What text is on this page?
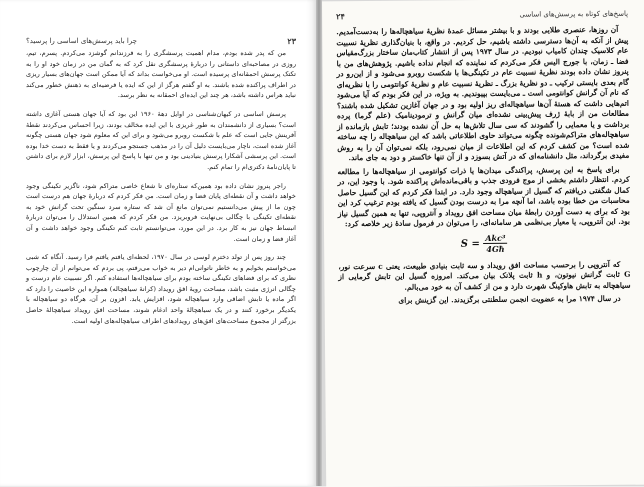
چرا باید پرسش‌های اساسی را پرسید؟	۲۳

من که پدر شده بودم، مدام اهمیت پرسشگری را به فرزندانم گوشزد می‌کردم. پسرم، تیم، روزی در مصاحبه‌ای داستانی را دربارهٔ پرسشگری نقل کرد که به گمان من در زمان خود او را به تکتک پرسش احمقانه‌ای پرسیده است. او می‌خواست بداند که آیا ممکن است جهان‌های بسیار ریزی در اطراف پراکنده شده باشند. به او گفتم هرگز از این که ایده یا فرضیه‌ای به ذهنش خطور می‌کند نباید هراس داشته باشد، هر چند این ایده‌ای احمقانه به نظر برسد.

پرسش اساسی در کیهان‌شناسی در اوایل دههٔ ۱۹۶۰ این بود که آیا جهان هستی آغازی داشته است؟ بسیاری از دانشمندان به طور غریزی با این ایده مخالف بودند، زیرا احساس می‌کردند نقطهٔ آفرینش جایی است که علم با شکست روبرو می‌شود و برای این که معلوم شود جهان هستی چگونه آغاز شده است، ناچار می‌بایست دلیل آن را در مذهب جستجو می‌کردند و یا فقط به دست خدا بوده است. این پرسشی آشکارا پرسش بنیادینی بود و من تنها با پاسخ این پرسش، ابزار لازم برای داشتن تا پایان‌نامهٔ دکتری‌ام را تمام کنم.

راجر پنروز نشان داده بود همین‌که ستاره‌ای تا شعاع خاصی متراکم شود، ناگزیر تکینگی وجود خواهد داشت و آن نقطه‌ای پایان فضا و زمان است. من فکر کردم که دربارهٔ جهان هم درست است چون ما از پیش می‌دانستیم نمی‌توان مانع آن شد که ستاره سرد سنگین تحت گرانش خود به نقطه‌ای تکینگی با چگالی بی‌نهایت فروبریزد. من فکر کردم که همین استدلال را می‌توان دربارهٔ انبساط جهان نیز به کار برد. در این مورد، می‌توانستم ثابت کنم تکینگی وجود خواهد داشت و آن آغاز فضا و زمان است.

چند روز پس از تولد دخترم لوسی در سال ۱۹۷۰، لحظه‌ای یافتم یافتم فرا رسید. آنگاه که شبی می‌خواستم بخوابم و به خاطر ناتوانی‌ام دیر به خواب می‌رفتم، پی بردم که می‌توانم از آن چارچوب نظری که برای فضاهای تکینگی ساخته بودم برای سیاهچاله‌ها استفاده کنم. اگر نسبیت عام درست و چگالی انرژی مثبت باشد، مساحت رویهٔ افق رویداد (کرانهٔ سیاهچاله) همواره این خاصیت را دارد که اگر ماده یا تابش اضافی وارد سیاهچاله شود، افزایش یابد. افزون بر آن، هرگاه دو سیاهچاله با یکدیگر برخورد کنند و در یک سیاهچالهٔ واحد ادغام شوند، مساحت افق رویداد سیاهچالهٔ حاصل بزرگتر از مجموع مساحت‌های افق‌های رویدادهای اطراف سیاهچاله‌های اولیه است.

۲۴	پاسخ‌های کوتاه به پرسش‌های اساسی

آن روزها، عنصری طلایی بودند و با بیشتر مسائل عمدهٔ نظریهٔ سیاهچاله‌ها را به‌دست‌آمدیم. پیش از آنکه به آن‌ها دسترسی داشته باشیم، حل کردیم. در واقع، با بنیان‌گذاری نظریهٔ نسبیت عام کلاسیک چندان کامیاب نبودیم. در سال ۱۹۷۳ پس از انتشار کتاب‌مان ساختار بزرگ‌مقیاس فضا ـ زمان، با جورج الیس فکر می‌کردم که نماینده که انجام نداده باشیم. پژوهش‌های من با پنروز نشان داده بودند نظریهٔ نسبیت عام در تکینگی‌ها با شکست روبرو می‌شود و از این‌رو در گام بعدی بایستی ترکیب ـ دو نظریهٔ بزرگ ـ نظریهٔ نسبیت عام و نظریهٔ کوانتومی را با نظریه‌ای که نام ‌آن گرانش کوانتومی است ـ می‌بایست بپیوندیم. به ویژه، در این فکر بودم که آیا می‌شود اتم‌هایی داشت که هستهٔ آن‌ها سیاهچاله‌ای ریز اولیه بود و در جهان آغازین تشکیل شده باشند؟ مطالعات من از بابهٔ ژرف پیش‌بینی نشده‌ای میان گرانش و ترمودینامیک (علم گرما) پرده برداشت و یا معمایی را گشودند که سی سال تلاش‌ها به حل آن نشده بودند؛ تابش بازمانده از سیاهچاله‌های متراکم‌شونده چگونه می‌تواند حاوی اطلاعاتی باشد که این سیاهچاله را چه ساخته شده است؟ من کشف کردم که این اطلاعات از میان نمی‌رود، بلکه نمی‌توان آن را به روش مفیدی برگرداند، مثل دانشنامه‌ای که در آتش بسوزد و از آن تنها خاکستر و دود به جای ماند.

برای پاسخ به این پرسش، پراکندگی میدان‌ها یا ذرات کوانتومی از سیاهچاله‌ها را مطالعه کردم. انتظار داشتم بخشی از موج فرودی جذب و باقی‌مانده‌اش پراکنده شود. با وجود این، در کمال شگفتی دریافتم که گسیل از سیاهچاله وجود دارد. در ابتدا فکر کردم که این گسیل حاصل محاسبات من خطا بوده باشد، اما آنچه مرا به درست بودن گسیل که یافته بودم ترغیب کرد این بود که برای به دست آوردن رابطهٔ میان مساحت افق رویداد و آنتروپی، تنها به همین گسیل نیاز بود. این آنتروپی، یا معیار بی‌نظمی هر سامانه‌ای، را می‌توان در فرمول سادهٔ زیر خلاصه کرد:

$S = \frac{\text{Akc³}}{4Għ}$

که آنتروپی را برحسب مساحت افق رویداد و سه ثابت بنیادی طبیعت، یعنی c سرعت نور، G ثابت گرانش نیوتون، و h ثابت پلانک بیان می‌کند. امروزه گسیل این تابش گرمایی از سیاهچاله به تابش هاوکینگ شهرت دارد و من از کشف آن به خود می‌بالم.

در سال ۱۹۷۴ مرا به عضویت انجمن سلطنتی برگزیدند. این گزینش برای
